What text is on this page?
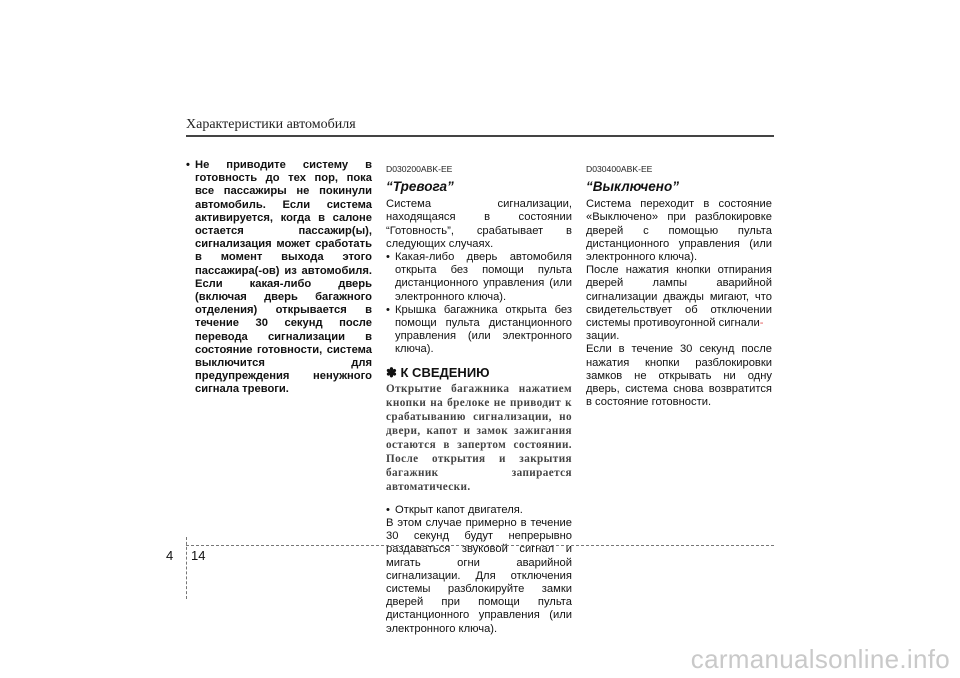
Характеристики автомобиля
• Не приводите систему в готовность до тех пор, пока все пассажиры не покинули автомобиль. Если система активируется, когда в салоне остается пассажир(ы), сигнализация может сработать в момент выхода этого пассажира(-ов) из автомобиля. Если какая-либо дверь (включая дверь багажного отделения) открывается в течение 30 секунд после перевода сигнализации в состояние готовности, система выключится для предупреждения ненужного сигнала тревоги.
D030200ABK-EE
“Тревога”

Система сигнализации, находящаяся в состоянии “Готовность”, срабатывает в следующих случаях.

• Какая-либо дверь автомобиля открыта без помощи пульта дистанционного управления (или электронного ключа).
• Крышка багажника открыта без помощи пульта дистанционного управления (или электронного ключа).
✽ К СВЕДЕНИЮ
Открытие багажника нажатием кнопки на брелоке не приводит к срабатыванию сигнализации, но двери, капот и замок зажигания остаются в запертом состоянии. После открытия и закрытия багажник запирается автоматически.
• Открыт капот двигателя.

В этом случае примерно в течение 30 секунд будут непрерывно раздаваться звуковой сигнал и мигать огни аварийной сигнализации. Для отключения системы разблокируйте замки дверей при помощи пульта дистанционного управления (или электронного ключа).

D030400ABK-EE
“Выключено”

Система переходит в состояние «Выключено» при разблокировке дверей с помощью пульта дистанционного управления (или электронного ключа).

После нажатия кнопки отпирания дверей лампы аварийной сигнализации дважды мигают, что свидетельствует об отключении системы противоугонной сигнали-
зации.

Если в течение 30 секунд после нажатия кнопки разблокировки замков не открывать ни одну дверь, система снова возвратится в состояние готовности.

4 14
carmanualsonline.info
